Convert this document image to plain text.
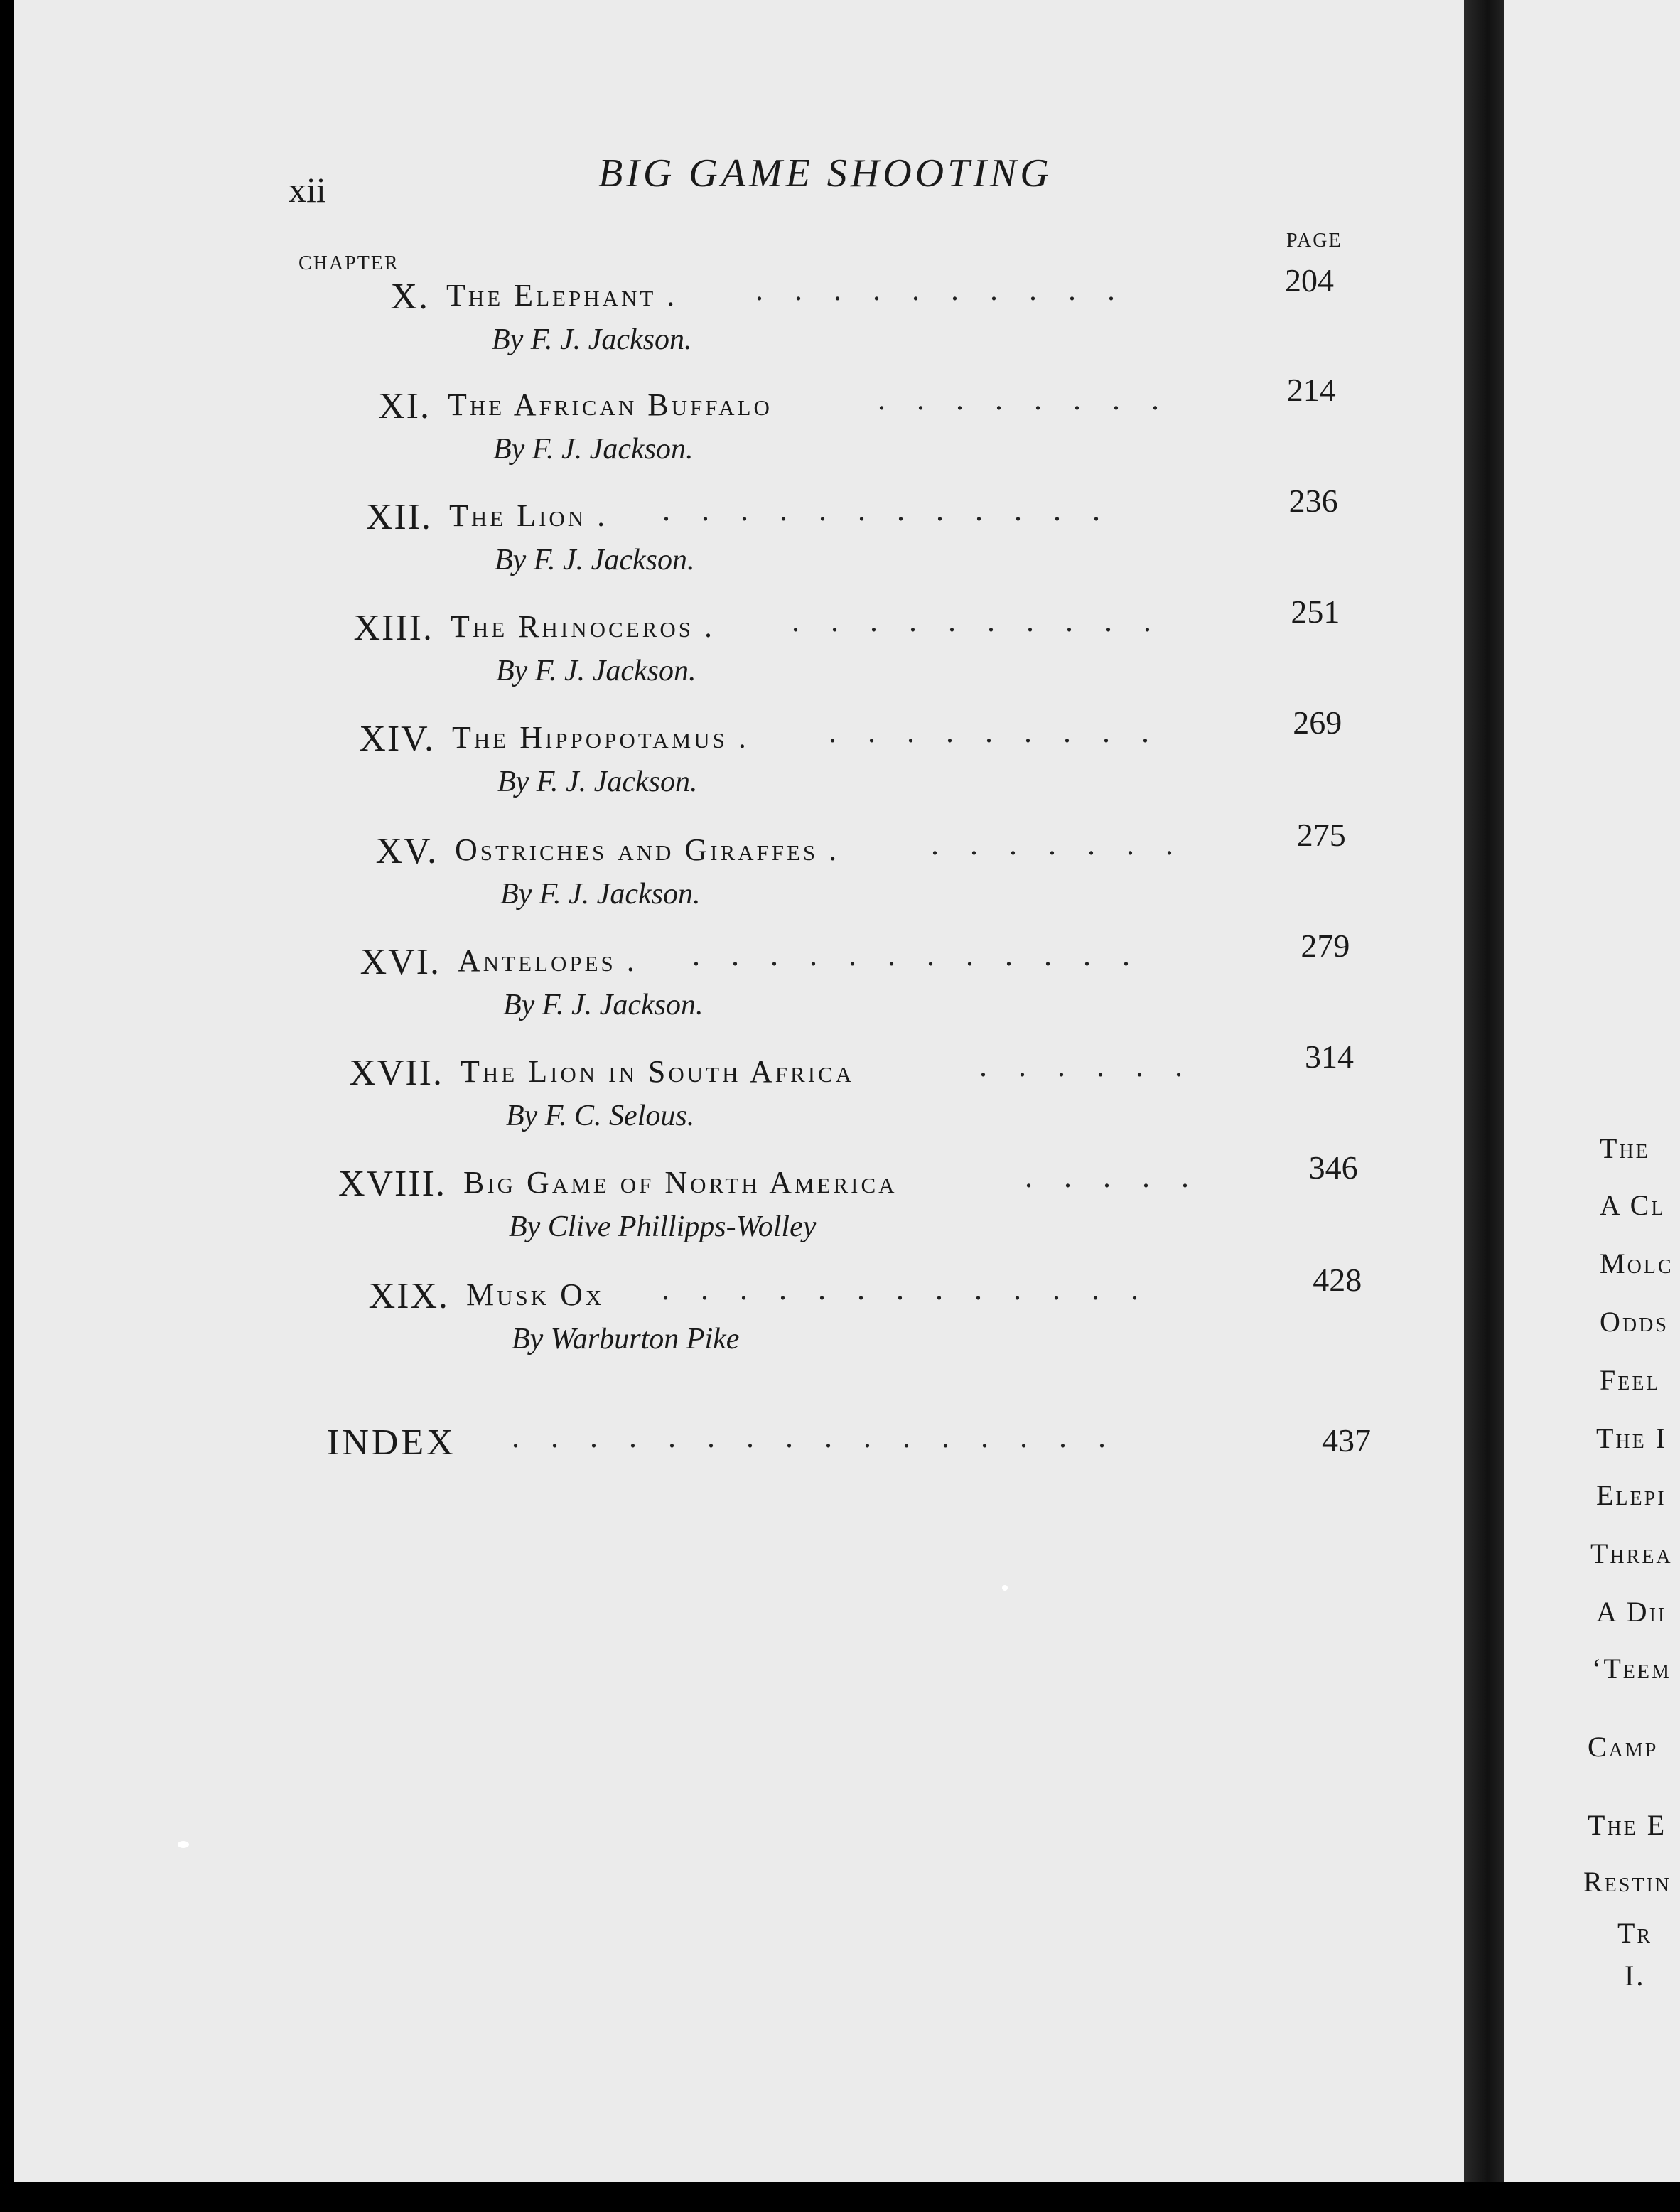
xii	BIG GAME SHOOTING
CHAPTER
PAGE
X. The Elephant . ..........	204
By F. J. Jackson.
XI. The African Buffalo	........	214
By F. J. Jackson.
XII. The Lion . ............	236
By F. J. Jackson.
XIII. The Rhinoceros . ..........	251
By F. J. Jackson.
XIV. The Hippopotamus .	.........	269
By F. J. Jackson.
XV. Ostriches and Giraffes .	.......	275
By F. J. Jackson.
XVI. Antelopes . ............	279
By F. J. Jackson.
XVII. The Lion in South Africa	......	314
By F. C. Selous.
XVIII. Big Game of North America	.....	346
By Clive Phillipps-Wolley
XIX. Musk Ox .............	428
By Warburton Pike
INDEX ................	437
The
A Cl
Molc
Odds
Feel
The I
Elepi
Threa
A Dii
‘Teem
Camp
The E
Restin
Tr
I.
